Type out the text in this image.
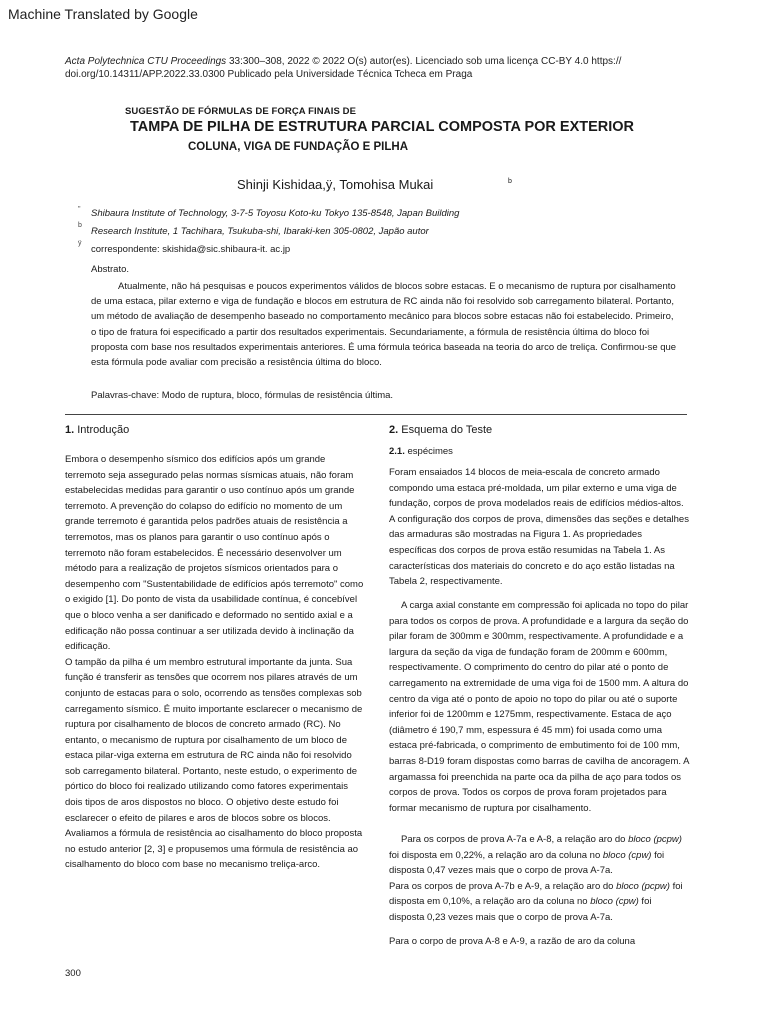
Machine Translated by Google
Acta Polytechnica CTU Proceedings 33:300–308, 2022 © 2022 O(s) autor(es). Licenciado sob uma licença CC-BY 4.0 https://
doi.org/10.14311/APP.2022.33.0300 Publicado pela Universidade Técnica Tcheca em Praga
SUGESTÃO DE FÓRMULAS DE FORÇA FINAIS DE
TAMPA DE PILHA DE ESTRUTURA PARCIAL COMPOSTA POR EXTERIOR
COLUNA, VIGA DE FUNDAÇÃO E PILHA
Shinji Kishidaa,ÿ, Tomohisa Mukai	b
" Shibaura Institute of Technology, 3-7-5 Toyosu Koto-ku Tokyo 135-8548, Japan Building
b
Research Institute, 1 Tachihara, Tsukuba-shi, Ibaraki-ken 305-0802, Japão autor
ÿ
correspondente: skishida@sic.shibaura-it. ac.jp
Abstrato.

Atualmente, não há pesquisas e poucos experimentos válidos de blocos sobre estacas. E o mecanismo de ruptura por cisalhamento de uma estaca, pilar externo e viga de fundação e blocos em estrutura de RC ainda não foi resolvido sob carregamento bilateral. Portanto, um método de avaliação de desempenho baseado no comportamento mecânico para blocos sobre estacas não foi estabelecido. Primeiro, o tipo de fratura foi especificado a partir dos resultados experimentais. Secundariamente, a fórmula de resistência última do bloco foi proposta com base nos resultados experimentais anteriores. É uma fórmula teórica baseada na teoria do arco de treliça. Confirmou-se que esta fórmula pode avaliar com precisão a resistência última do bloco.

Palavras-chave: Modo de ruptura, bloco, fórmulas de resistência última.
1. Introdução

Embora o desempenho sísmico dos edifícios após um grande terremoto seja assegurado pelas normas sísmicas atuais, não foram estabelecidas medidas para garantir o uso contínuo após um grande terremoto. A prevenção do colapso do edifício no momento de um grande terremoto é garantida pelos padrões atuais de resistência a terremotos, mas os planos para garantir o uso contínuo após o terremoto não foram estabelecidos. É necessário desenvolver um método para a realização de projetos sísmicos orientados para o desempenho com "Sustentabilidade de edifícios após terremoto" como o exigido [1]. Do ponto de vista da usabilidade contínua, é concebível que o bloco venha a ser danificado e deformado no sentido axial e a edificação não possa continuar a ser utilizada devido à inclinação da edificação.

O tampão da pilha é um membro estrutural importante da junta. Sua função é transferir as tensões que ocorrem nos pilares através de um conjunto de estacas para o solo, ocorrendo as tensões complexas sob carregamento sísmico. É muito importante esclarecer o mecanismo de ruptura por cisalhamento de blocos de concreto armado (RC). No entanto, o mecanismo de ruptura por cisalhamento de um bloco de estaca pilar-viga externa em estrutura de RC ainda não foi resolvido sob carregamento bilateral. Portanto, neste estudo, o experimento de pórtico do bloco foi realizado utilizando como fatores experimentais dois tipos de aros dispostos no bloco. O objetivo deste estudo foi esclarecer o efeito de pilares e aros de blocos sobre os blocos. Avaliamos a fórmula de resistência ao cisalhamento do bloco proposta no estudo anterior [2, 3] e propusemos uma fórmula de resistência ao cisalhamento do bloco com base no mecanismo treliça-arco.

2. Esquema do Teste
2.1. espécimes

Foram ensaiados 14 blocos de meia-escala de concreto armado compondo uma estaca pré-moldada, um pilar externo e uma viga de fundação, corpos de prova modelados reais de edifícios médios-altos. A configuração dos corpos de prova, dimensões das seções e detalhes das armaduras são mostradas na Figura 1. As propriedades específicas dos corpos de prova estão resumidas na Tabela 1. As características dos materiais do concreto e do aço estão listadas na Tabela 2, respectivamente.

A carga axial constante em compressão foi aplicada no topo do pilar para todos os corpos de prova. A profundidade e a largura da seção do pilar foram de 300mm e 300mm, respectivamente. A profundidade e a largura da seção da viga de fundação foram de 200mm e 600mm, respectivamente. O comprimento do centro do pilar até o ponto de carregamento na extremidade de uma viga foi de 1500 mm. A altura do centro da viga até o ponto de apoio no topo do pilar ou até o suporte inferior foi de 1200mm e 1275mm, respectivamente. Estaca de aço (diâmetro é 190,7 mm, espessura é 45 mm) foi usada como uma estaca pré-fabricada, o comprimento de embutimento foi de 100 mm, barras 8-D19 foram dispostas como barras de cavilha de ancoragem. A argamassa foi preenchida na parte oca da pilha de aço para todos os corpos de prova. Todos os corpos de prova foram projetados para formar mecanismo de ruptura por cisalhamento.

Para os corpos de prova A-7a e A-8, a relação aro do bloco (pcpw) foi disposta em 0,22%, a relação aro da coluna no bloco (cpw) foi disposta 0,47 vezes mais que o corpo de prova A-7a.

Para os corpos de prova A-7b e A-9, a relação aro do bloco (pcpw) foi disposta em 0,10%, a relação aro da coluna no bloco (cpw) foi disposta 0,23 vezes mais que o corpo de prova A-7a.

Para o corpo de prova A-8 e A-9, a razão de aro da coluna

300
